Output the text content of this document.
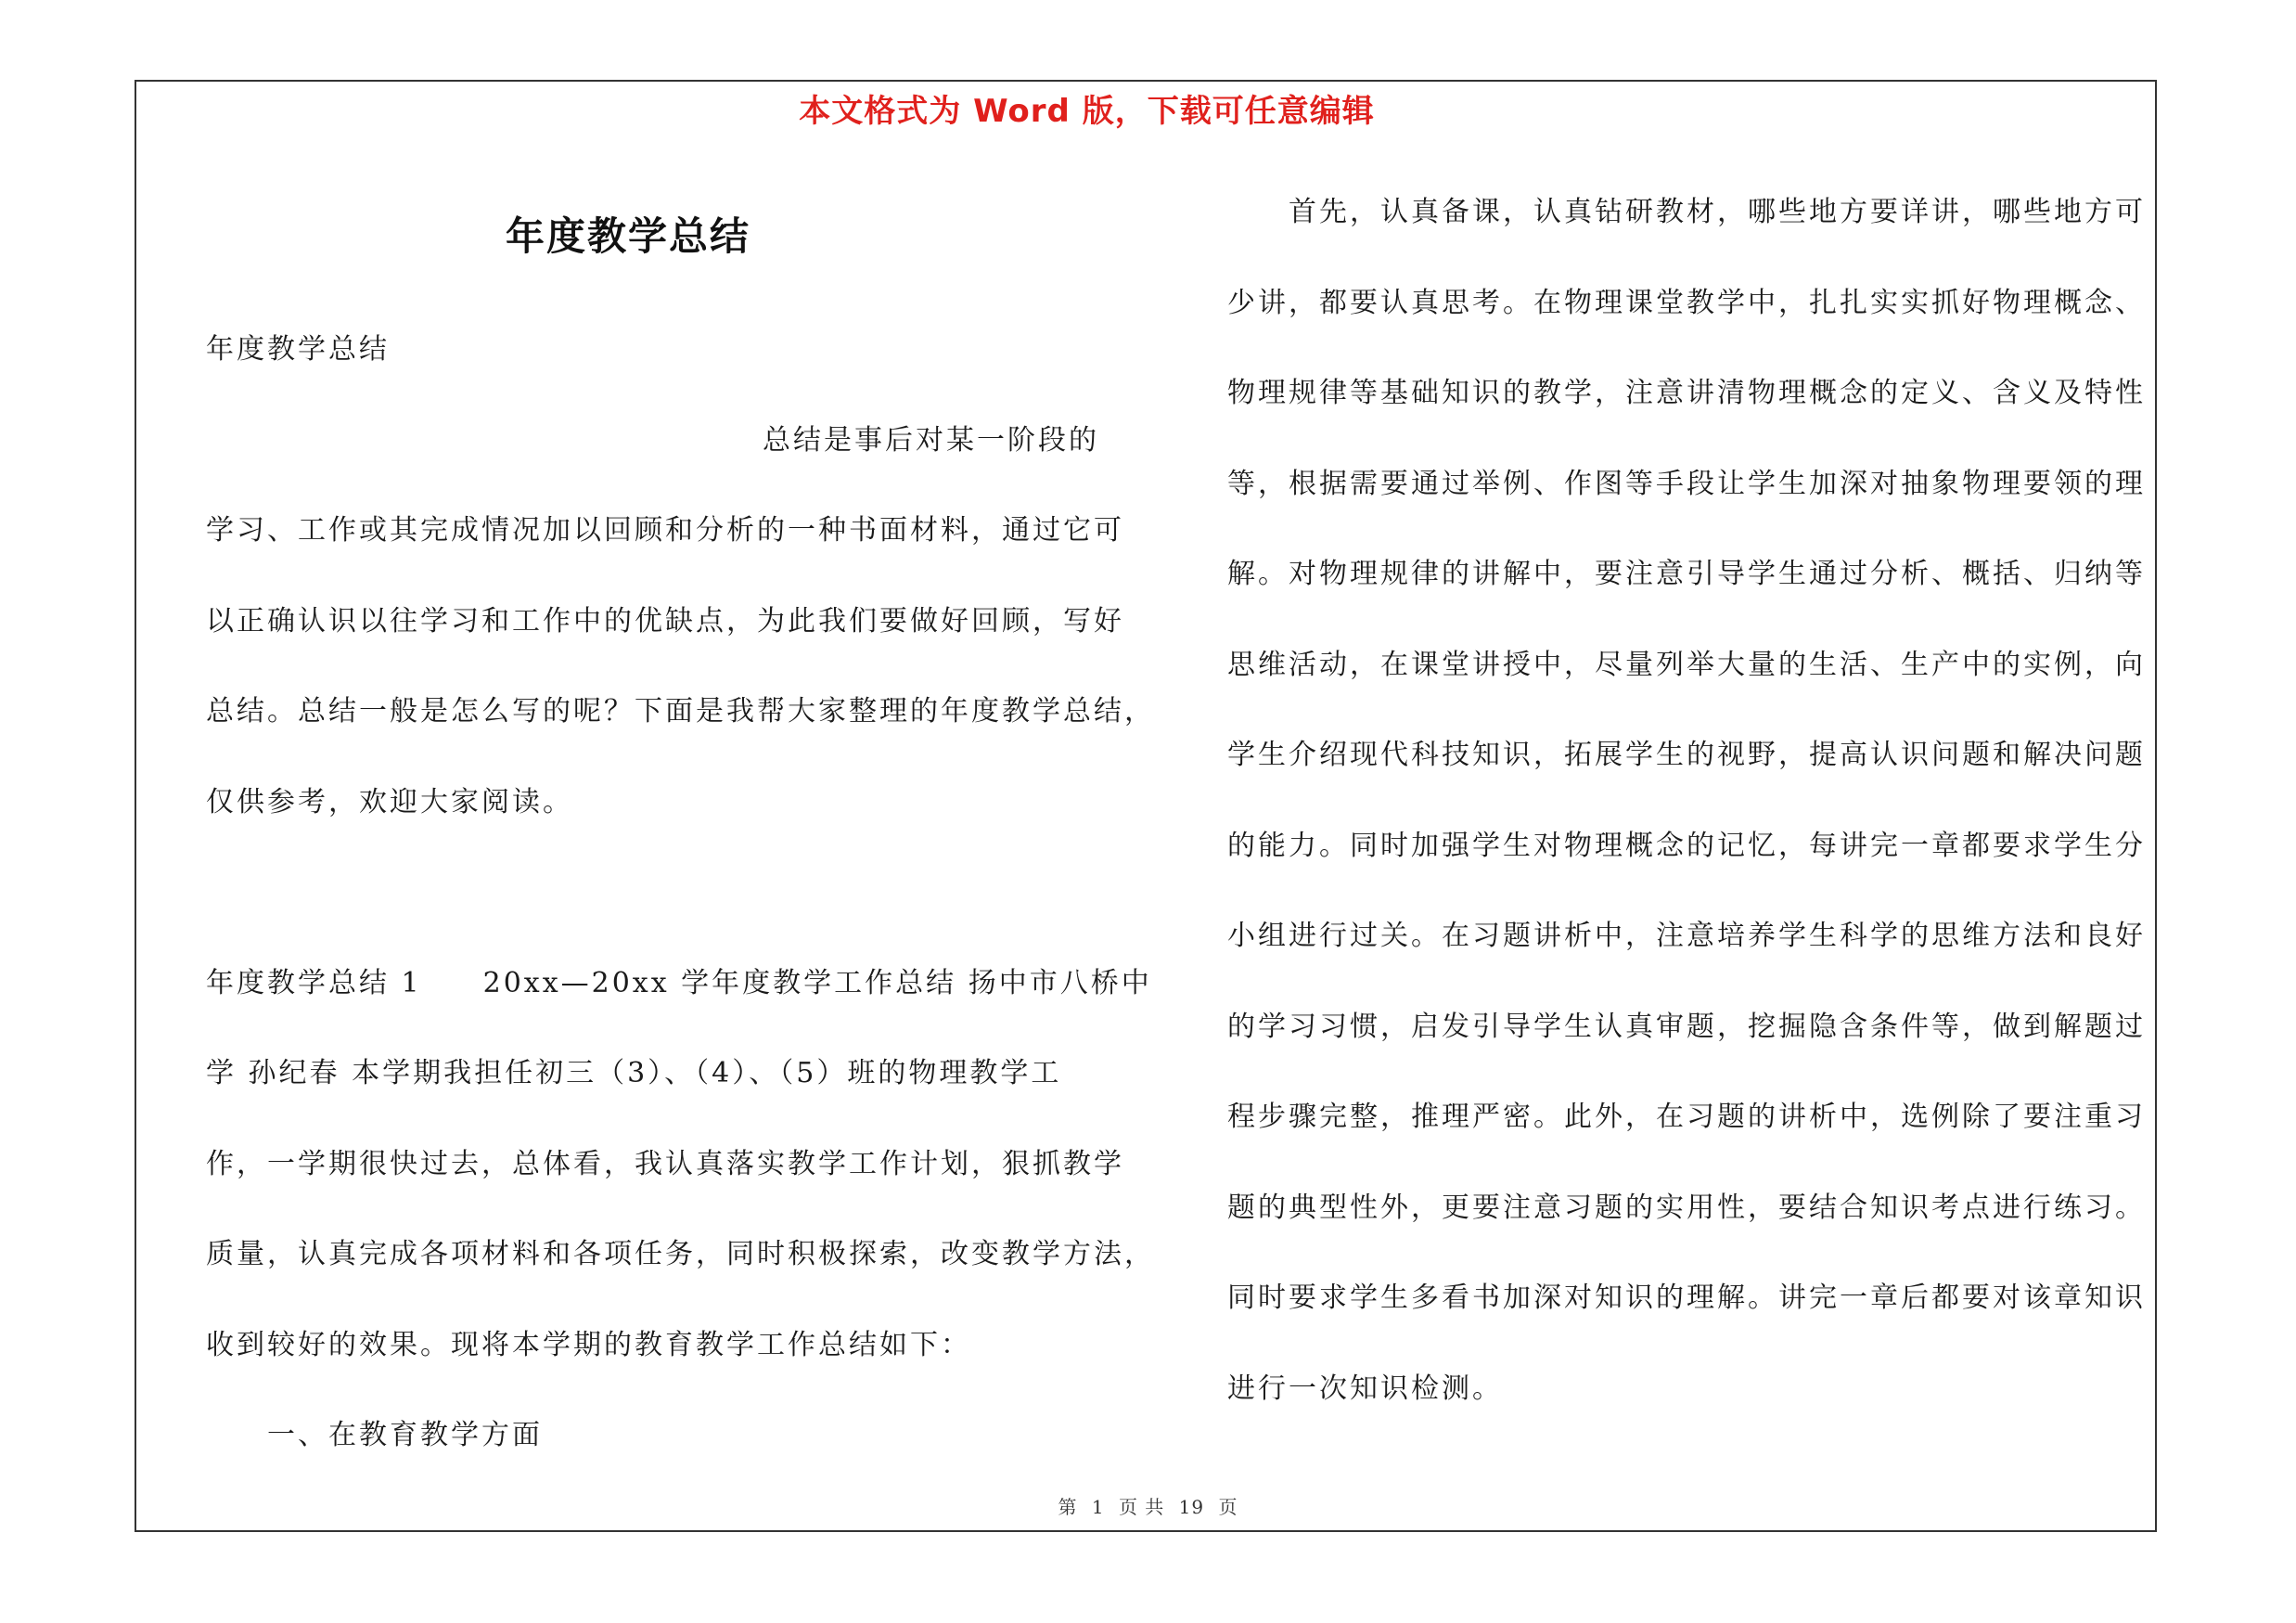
本文格式为 Word 版，下载可任意编辑
年度教学总结
年度教学总结
总结是事后对某一阶段的
学习、工作或其完成情况加以回顾和分析的一种书面材料，通过它可
以正确认识以往学习和工作中的优缺点，为此我们要做好回顾，写好
总结。总结一般是怎么写的呢？下面是我帮大家整理的年度教学总结，
仅供参考，欢迎大家阅读。
年度教学总结 1　　20xx—20xx 学年度教学工作总结 扬中市八桥中
学 孙纪春 本学期我担任初三（3）、（4）、（5）班的物理教学工
作，一学期很快过去，总体看，我认真落实教学工作计划，狠抓教学
质量，认真完成各项材料和各项任务，同时积极探索，改变教学方法，
收到较好的效果。现将本学期的教育教学工作总结如下：
一、在教育教学方面
首先，认真备课，认真钻研教材，哪些地方要详讲，哪些地方可
少讲，都要认真思考。在物理课堂教学中，扎扎实实抓好物理概念、
物理规律等基础知识的教学，注意讲清物理概念的定义、含义及特性
等，根据需要通过举例、作图等手段让学生加深对抽象物理要领的理
解。对物理规律的讲解中，要注意引导学生通过分析、概括、归纳等
思维活动，在课堂讲授中，尽量列举大量的生活、生产中的实例，向
学生介绍现代科技知识，拓展学生的视野，提高认识问题和解决问题
的能力。同时加强学生对物理概念的记忆，每讲完一章都要求学生分
小组进行过关。在习题讲析中，注意培养学生科学的思维方法和良好
的学习习惯，启发引导学生认真审题，挖掘隐含条件等，做到解题过
程步骤完整，推理严密。此外，在习题的讲析中，选例除了要注重习
题的典型性外，更要注意习题的实用性，要结合知识考点进行练习。
同时要求学生多看书加深对知识的理解。讲完一章后都要对该章知识
进行一次知识检测。
第 1 页 共 19 页
